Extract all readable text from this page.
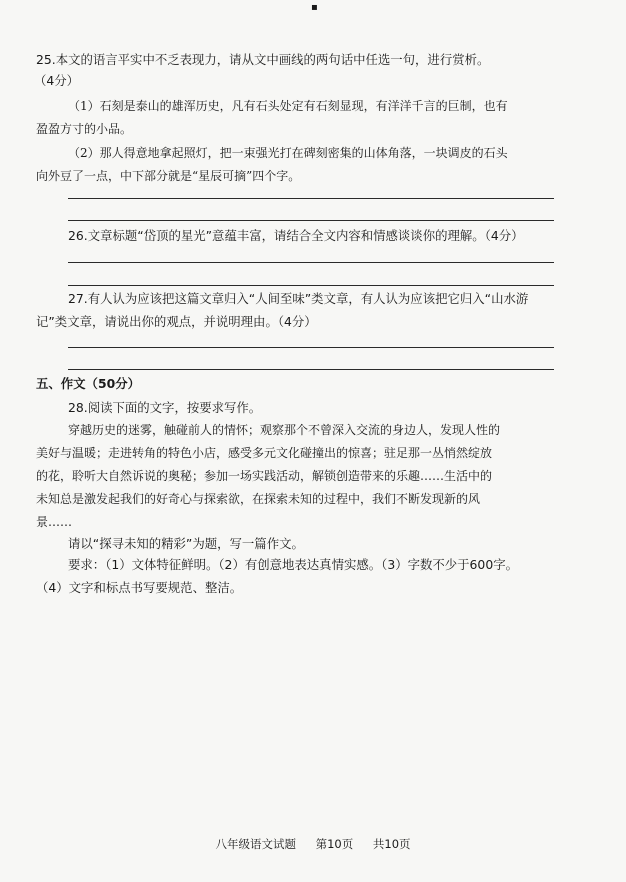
▪
25.本文的语言平实中不乏表现力，请从文中画线的两句话中任选一句，进行赏析。
（4分）
（1）石刻是泰山的雄浑历史，凡有石头处定有石刻显现，有洋洋千言的巨制，也有
盈盈方寸的小品。
（2）那人得意地拿起照灯，把一束强光打在碑刻密集的山体角落，一块调皮的石头
向外豆了一点，中下部分就是“星辰可摘”四个字。
26.文章标题“岱顶的星光”意蕴丰富，请结合全文内容和情感谈谈你的理解。（4分）
27.有人认为应该把这篇文章归入“人间至味”类文章，有人认为应该把它归入“山水游
记”类文章，请说出你的观点，并说明理由。（4分）
五、作文（50分）
28.阅读下面的文字，按要求写作。
穿越历史的迷雾，触碰前人的情怀；观察那个不曾深入交流的身边人，发现人性的
美好与温暖；走进转角的特色小店，感受多元文化碰撞出的惊喜；驻足那一丛悄然绽放
的花，聆听大自然诉说的奥秘；参加一场实践活动，解锁创造带来的乐趣……生活中的
未知总是激发起我们的好奇心与探索欲，在探索未知的过程中，我们不断发现新的风
景……
请以“探寻未知的精彩”为题，写一篇作文。
要求：（1）文体特征鲜明。（2）有创意地表达真情实感。（3）字数不少于600字。
（4）文字和标点书写要规范、整洁。
八年级语文试题 第10页 共10页
